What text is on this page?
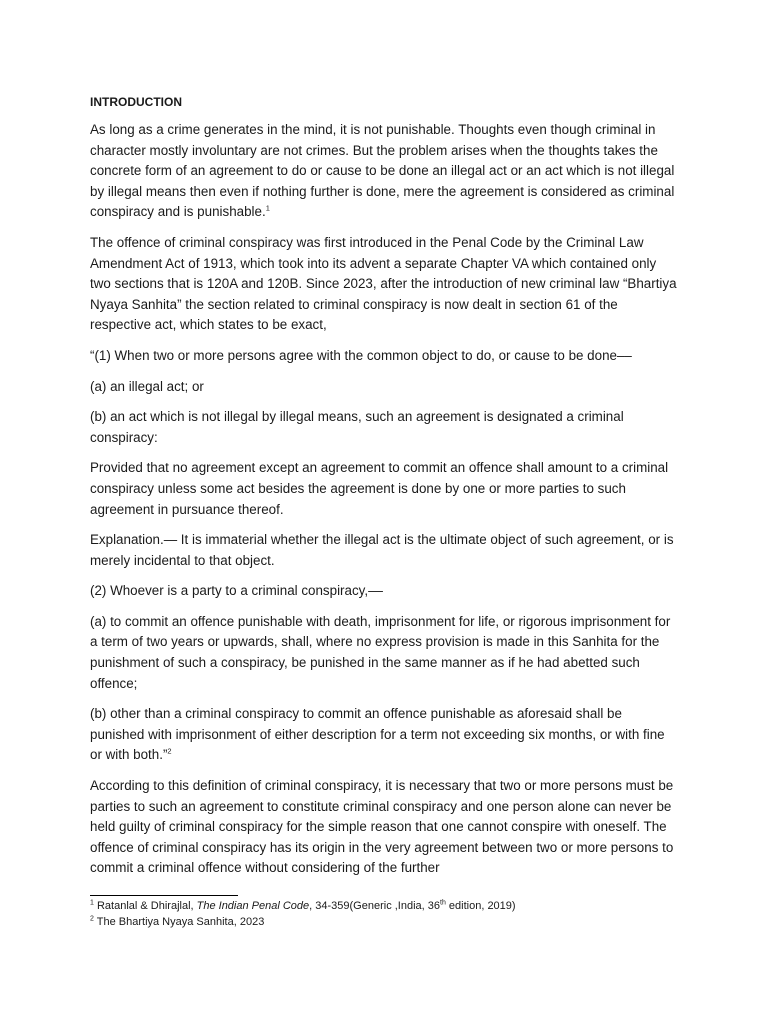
INTRODUCTION

As long as a crime generates in the mind, it is not punishable. Thoughts even though criminal in character mostly involuntary are not crimes. But the problem arises when the thoughts takes the concrete form of an agreement to do or cause to be done an illegal act or an act which is not illegal by illegal means then even if nothing further is done, mere the agreement is considered as criminal conspiracy and is punishable.$^1$

The offence of criminal conspiracy was first introduced in the Penal Code by the Criminal Law Amendment Act of 1913, which took into its advent a separate Chapter VA which contained only two sections that is 120A and 120B. Since 2023, after the introduction of new criminal law “Bhartiya Nyaya Sanhita” the section related to criminal conspiracy is now dealt in section 61 of the respective act, which states to be exact,

“(1) When two or more persons agree with the common object to do, or cause to be done––

(a) an illegal act; or

(b) an act which is not illegal by illegal means, such an agreement is designated a criminal conspiracy:

Provided that no agreement except an agreement to commit an offence shall amount to a criminal conspiracy unless some act besides the agreement is done by one or more parties to such agreement in pursuance thereof.

Explanation.— It is immaterial whether the illegal act is the ultimate object of such agreement, or is merely incidental to that object.

(2) Whoever is a party to a criminal conspiracy,––

(a) to commit an offence punishable with death, imprisonment for life, or rigorous imprisonment for a term of two years or upwards, shall, where no express provision is made in this Sanhita for the punishment of such a conspiracy, be punished in the same manner as if he had abetted such offence;

(b) other than a criminal conspiracy to commit an offence punishable as aforesaid shall be punished with imprisonment of either description for a term not exceeding six months, or with fine or with both.”$^2$

According to this definition of criminal conspiracy, it is necessary that two or more persons must be parties to such an agreement to constitute criminal conspiracy and one person alone can never be held guilty of criminal conspiracy for the simple reason that one cannot conspire with oneself. The offence of criminal conspiracy has its origin in the very agreement between two or more persons to commit a criminal offence without considering of the further

$^1$ Ratanlal & Dhirajlal, The Indian Penal Code, 34-359(Generic ,India, 36th edition, 2019)

$^2$ The Bhartiya Nyaya Sanhita, 2023
